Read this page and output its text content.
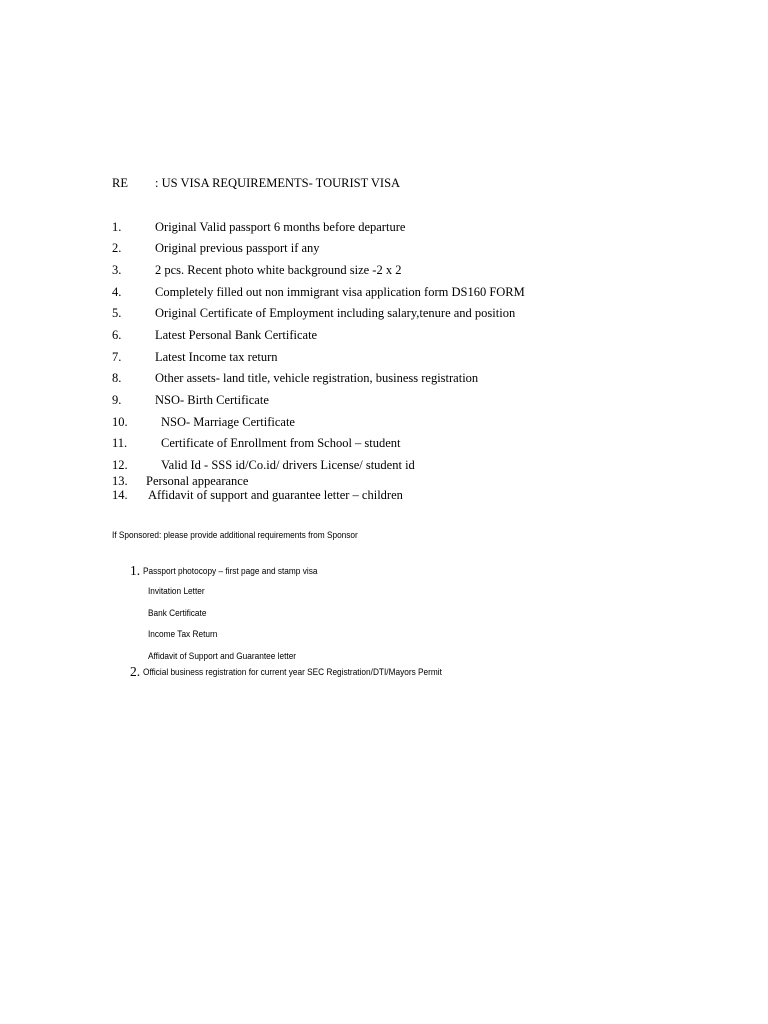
RE : US VISA REQUIREMENTS- TOURIST VISA
1.	Original Valid passport 6 months before departure
2.	Original previous passport if any
3.	2 pcs. Recent photo white background size -2 x 2
4.	Completely filled out non immigrant visa application form DS160 FORM
5.	Original Certificate of Employment including salary,tenure and position
6.	Latest Personal Bank Certificate
7.	Latest Income tax return
8.	Other assets- land title, vehicle registration, business registration
9.	NSO- Birth Certificate
10.	NSO- Marriage Certificate
11.	Certificate of Enrollment from School – student
12.	Valid Id - SSS id/Co.id/ drivers License/ student id
13. Personal appearance
14. Affidavit of support and guarantee letter – children
If Sponsored: please provide additional requirements from Sponsor
1. Passport photocopy – first page and stamp visa
Invitation Letter
Bank Certificate
Income Tax Return
Affidavit of Support and Guarantee letter
2. Official business registration for current year SEC Registration/DTI/Mayors Permit
